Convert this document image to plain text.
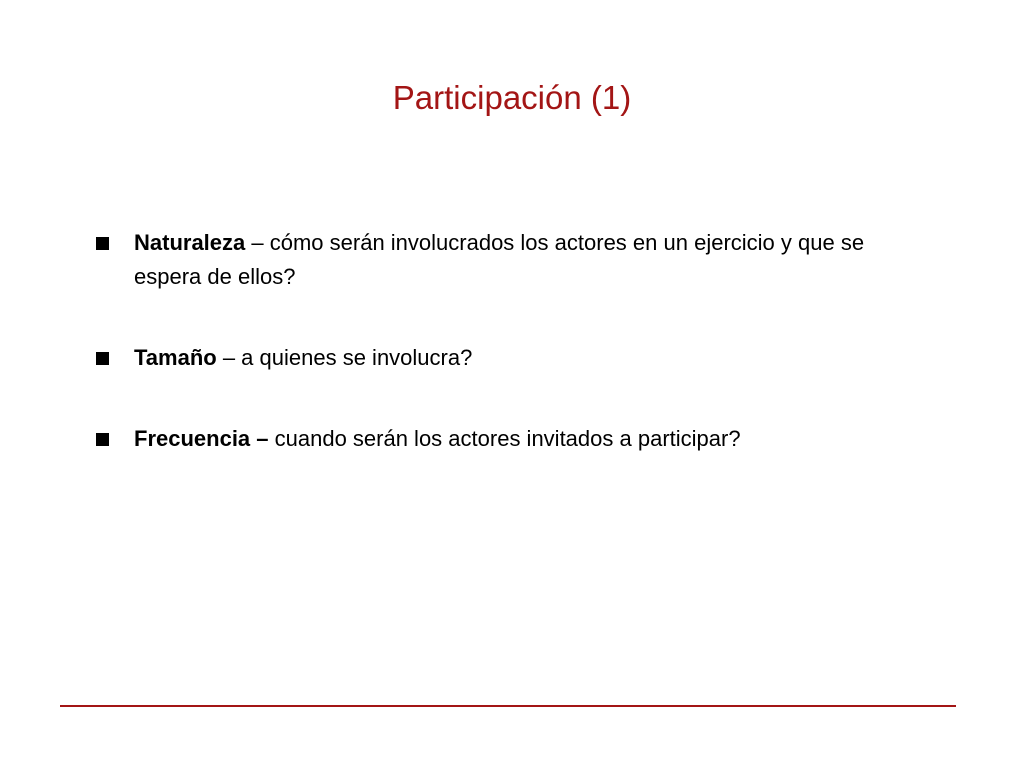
Participación (1)
Naturaleza – cómo serán involucrados los actores en un ejercicio y que se espera de ellos?
Tamaño – a quienes se involucra?
Frecuencia – cuando serán los actores invitados a participar?
